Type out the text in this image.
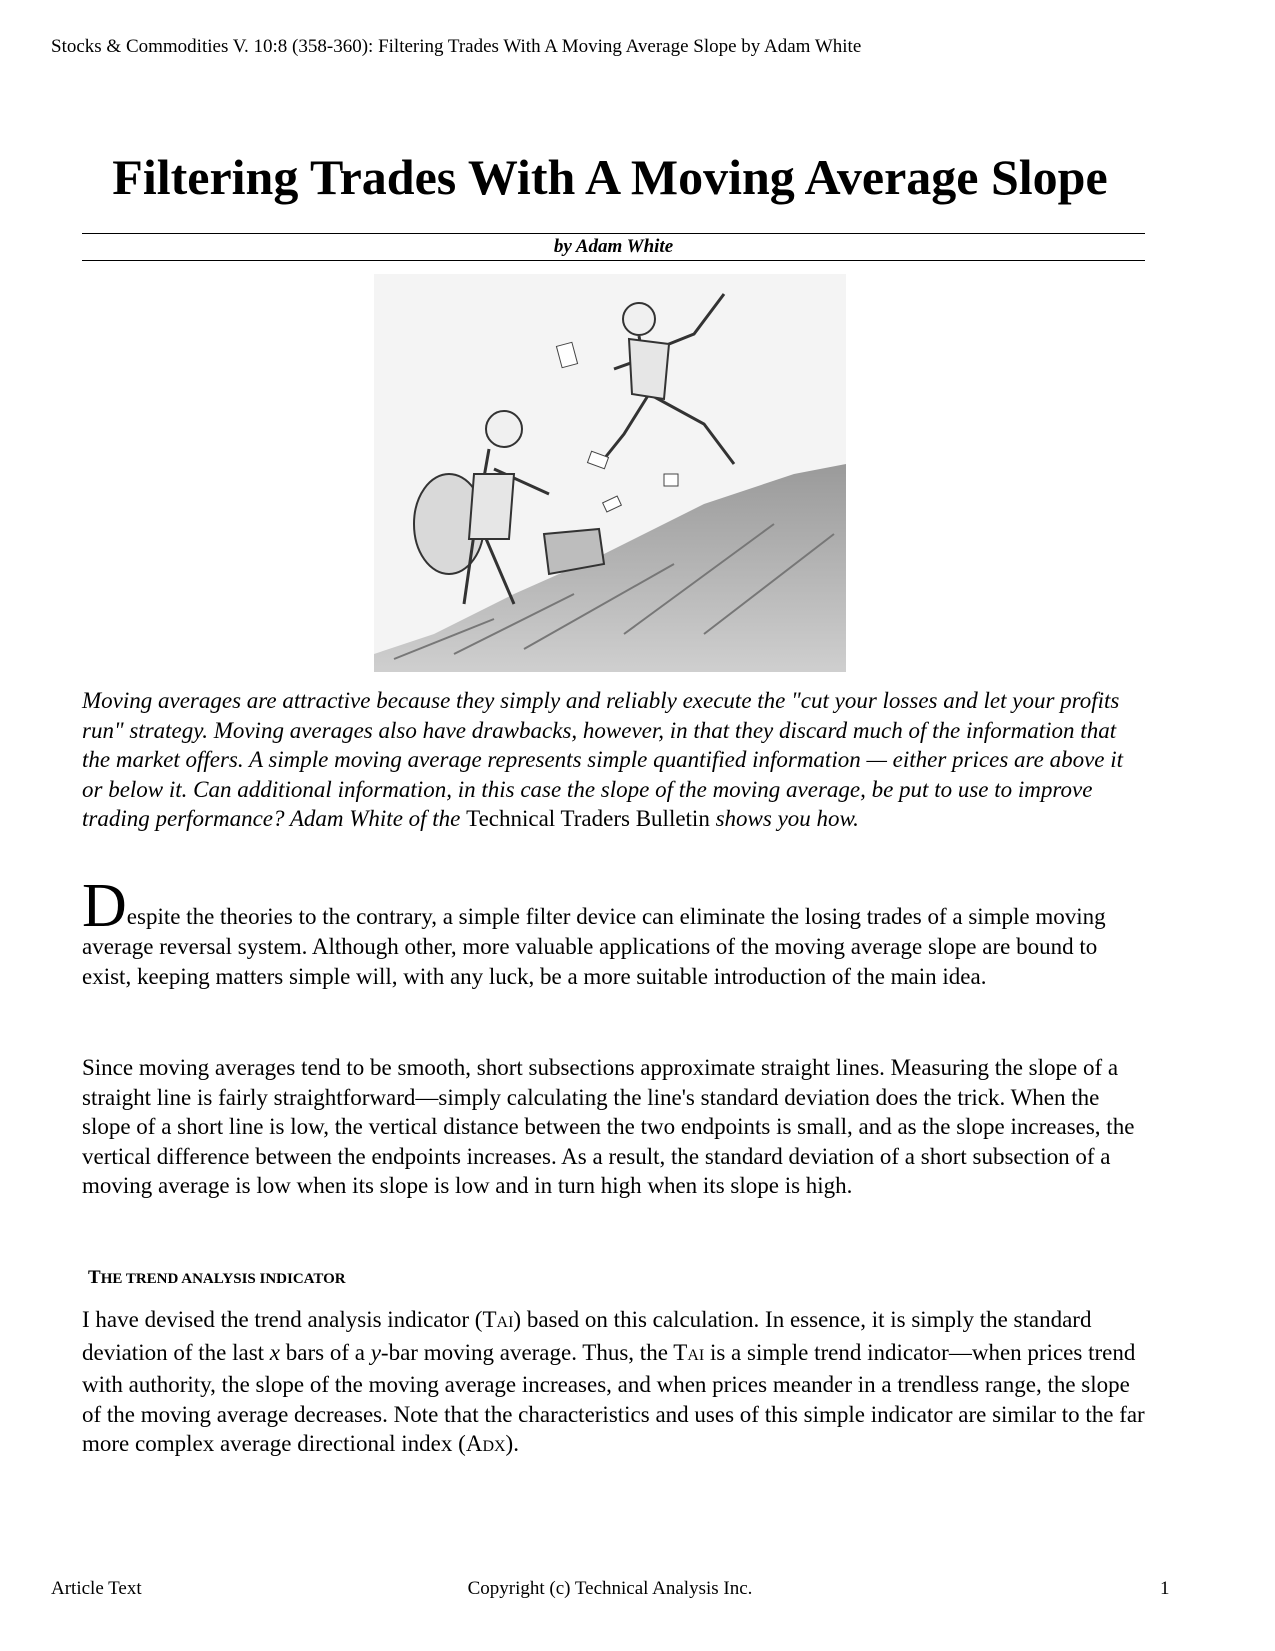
Stocks & Commodities V. 10:8 (358-360): Filtering Trades With A Moving Average Slope by Adam White
Filtering Trades With A Moving Average Slope
by Adam White

Moving averages are attractive because they simply and reliably execute the "cut your losses and let your profits run" strategy. Moving averages also have drawbacks, however, in that they discard much of the information that the market offers. A simple moving average represents simple quantified information — either prices are above it or below it. Can additional information, in this case the slope of the moving average, be put to use to improve trading performance? Adam White of the Technical Traders Bulletin shows you how.

Despite the theories to the contrary, a simple filter device can eliminate the losing trades of a simple moving average reversal system. Although other, more valuable applications of the moving average slope are bound to exist, keeping matters simple will, with any luck, be a more suitable introduction of the main idea.

Since moving averages tend to be smooth, short subsections approximate straight lines. Measuring the slope of a straight line is fairly straightforward—simply calculating the line's standard deviation does the trick. When the slope of a short line is low, the vertical distance between the two endpoints is small, and as the slope increases, the vertical difference between the endpoints increases. As a result, the standard deviation of a short subsection of a moving average is low when its slope is low and in turn high when its slope is high.

THE TREND ANALYSIS INDICATOR

I have devised the trend analysis indicator (TAI) based on this calculation. In essence, it is simply the standard deviation of the last x bars of a y-bar moving average. Thus, the TAI is a simple trend indicator—when prices trend with authority, the slope of the moving average increases, and when prices meander in a trendless range, the slope of the moving average decreases. Note that the characteristics and uses of this simple indicator are similar to the far more complex average directional index (ADX).

Article Text	Copyright (c) Technical Analysis Inc.	1
